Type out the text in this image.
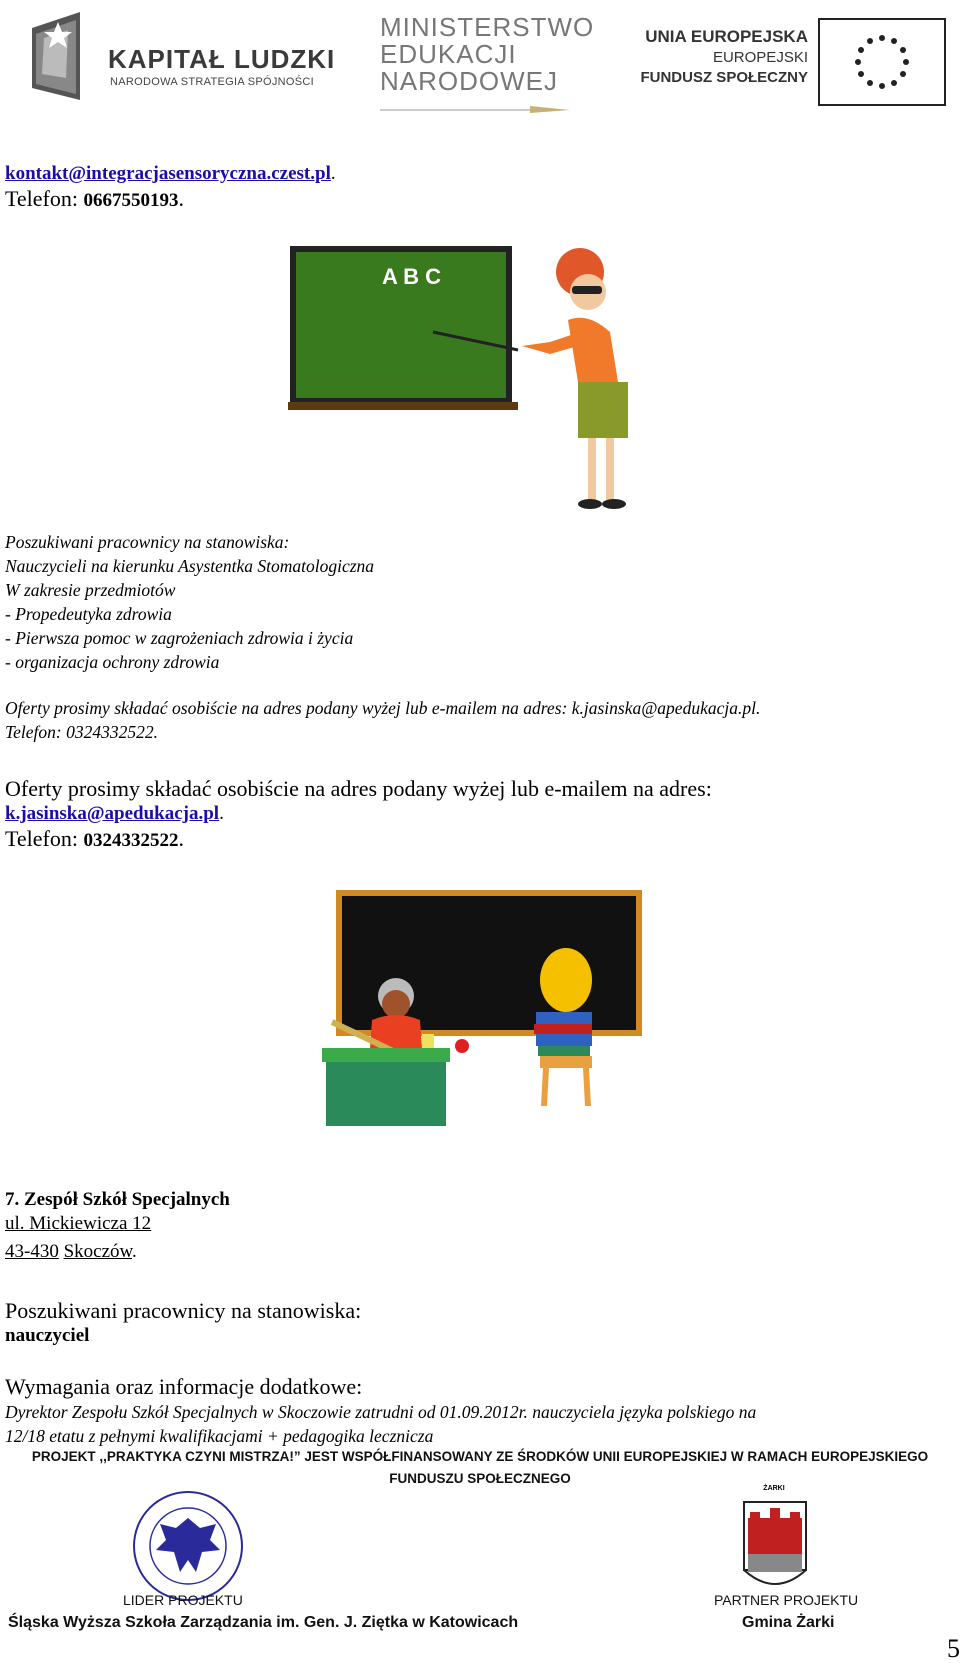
KAPITAŁ LUDZKI
NARODOWA STRATEGIA SPÓJNOŚCI
MINISTERSTWO
EDUKACJI
NARODOWEJ
UNIA EUROPEJSKA
EUROPEJSKI
FUNDUSZ SPOŁECZNY
kontakt@integracjasensoryczna.czest.pl.
Telefon: 0667550193.
A B C
Poszukiwani pracownicy na stanowiska:
Nauczycieli na kierunku Asystentka Stomatologiczna
W zakresie przedmiotów
- Propedeutyka zdrowia
- Pierwsza pomoc w zagrożeniach zdrowia i życia
- organizacja ochrony zdrowia
Oferty prosimy składać osobiście na adres podany wyżej lub e-mailem na adres: k.jasinska@apedukacja.pl.
Telefon: 0324332522.
Oferty prosimy składać osobiście na adres podany wyżej lub e-mailem na adres:
k.jasinska@apedukacja.pl.
Telefon: 0324332522.
7. Zespół Szkół Specjalnych
ul. Mickiewicza 12
43-430 Skoczów.
Poszukiwani pracownicy na stanowiska:
nauczyciel
Wymagania oraz informacje dodatkowe:
Dyrektor Zespołu Szkół Specjalnych w Skoczowie zatrudni od 01.09.2012r. nauczyciela języka polskiego na
12/18 etatu z pełnymi kwalifikacjami + pedagogika lecznicza
PROJEKT ,,PRAKTYKA CZYNI MISTRZA!” JEST WSPÓŁFINANSOWANY ZE ŚRODKÓW UNII EUROPEJSKIEJ W RAMACH EUROPEJSKIEGO
FUNDUSZU SPOŁECZNEGO
ŻARKI
LIDER PROJEKTU	PARTNER PROJEKTU
Śląska Wyższa Szkoła Zarządzania im. Gen. J. Ziętka w Katowicach	Gmina Żarki
5
